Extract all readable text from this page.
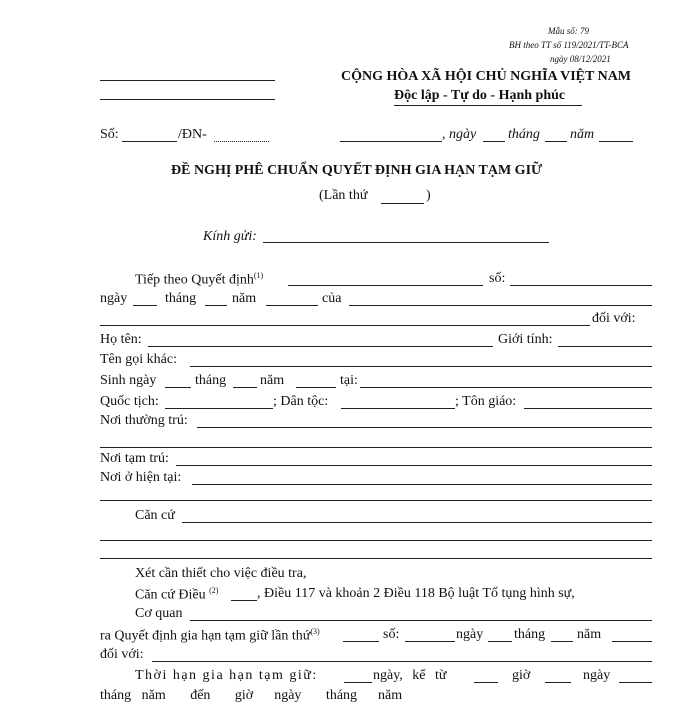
Mẫu số: 79
BH theo TT số 119/2021/TT-BCA
ngày 08/12/2021
CỘNG HÒA XÃ HỘI CHỦ NGHĨA VIỆT NAM
Độc lập - Tự do - Hạnh phúc
Số:	/ĐN-	, ngày tháng năm
ĐỀ NGHỊ PHÊ CHUẨN QUYẾT ĐỊNH GIA HẠN TẠM GIỮ
(Lần thứ	)
Kính gửi:
Tiếp theo Quyết định$^{(1)}$	số:
ngày	tháng	năm	của
đối với:
Họ tên:	Giới tính:
Tên gọi khác:
Sinh ngày	tháng năm	tại:
Quốc tịch:	; Dân tộc:	; Tôn giáo:
Nơi thường trú:
Nơi tạm trú:
Nơi ở hiện tại:
Căn cứ
Xét cần thiết cho việc điều tra,
Căn cứ Điều $^{(2)}$	, Điều 117 và khoản 2 Điều 118 Bộ luật Tố tụng hình sự,
Cơ quan
ra Quyết định gia hạn tạm giữ lần thứ$^{(3)}$	số:	ngày tháng năm
đối với:
Thời hạn gia hạn tạm giữ:	ngày, kể từ	giờ	ngày
tháng   năm       đến       giờ      ngày       tháng      năm
